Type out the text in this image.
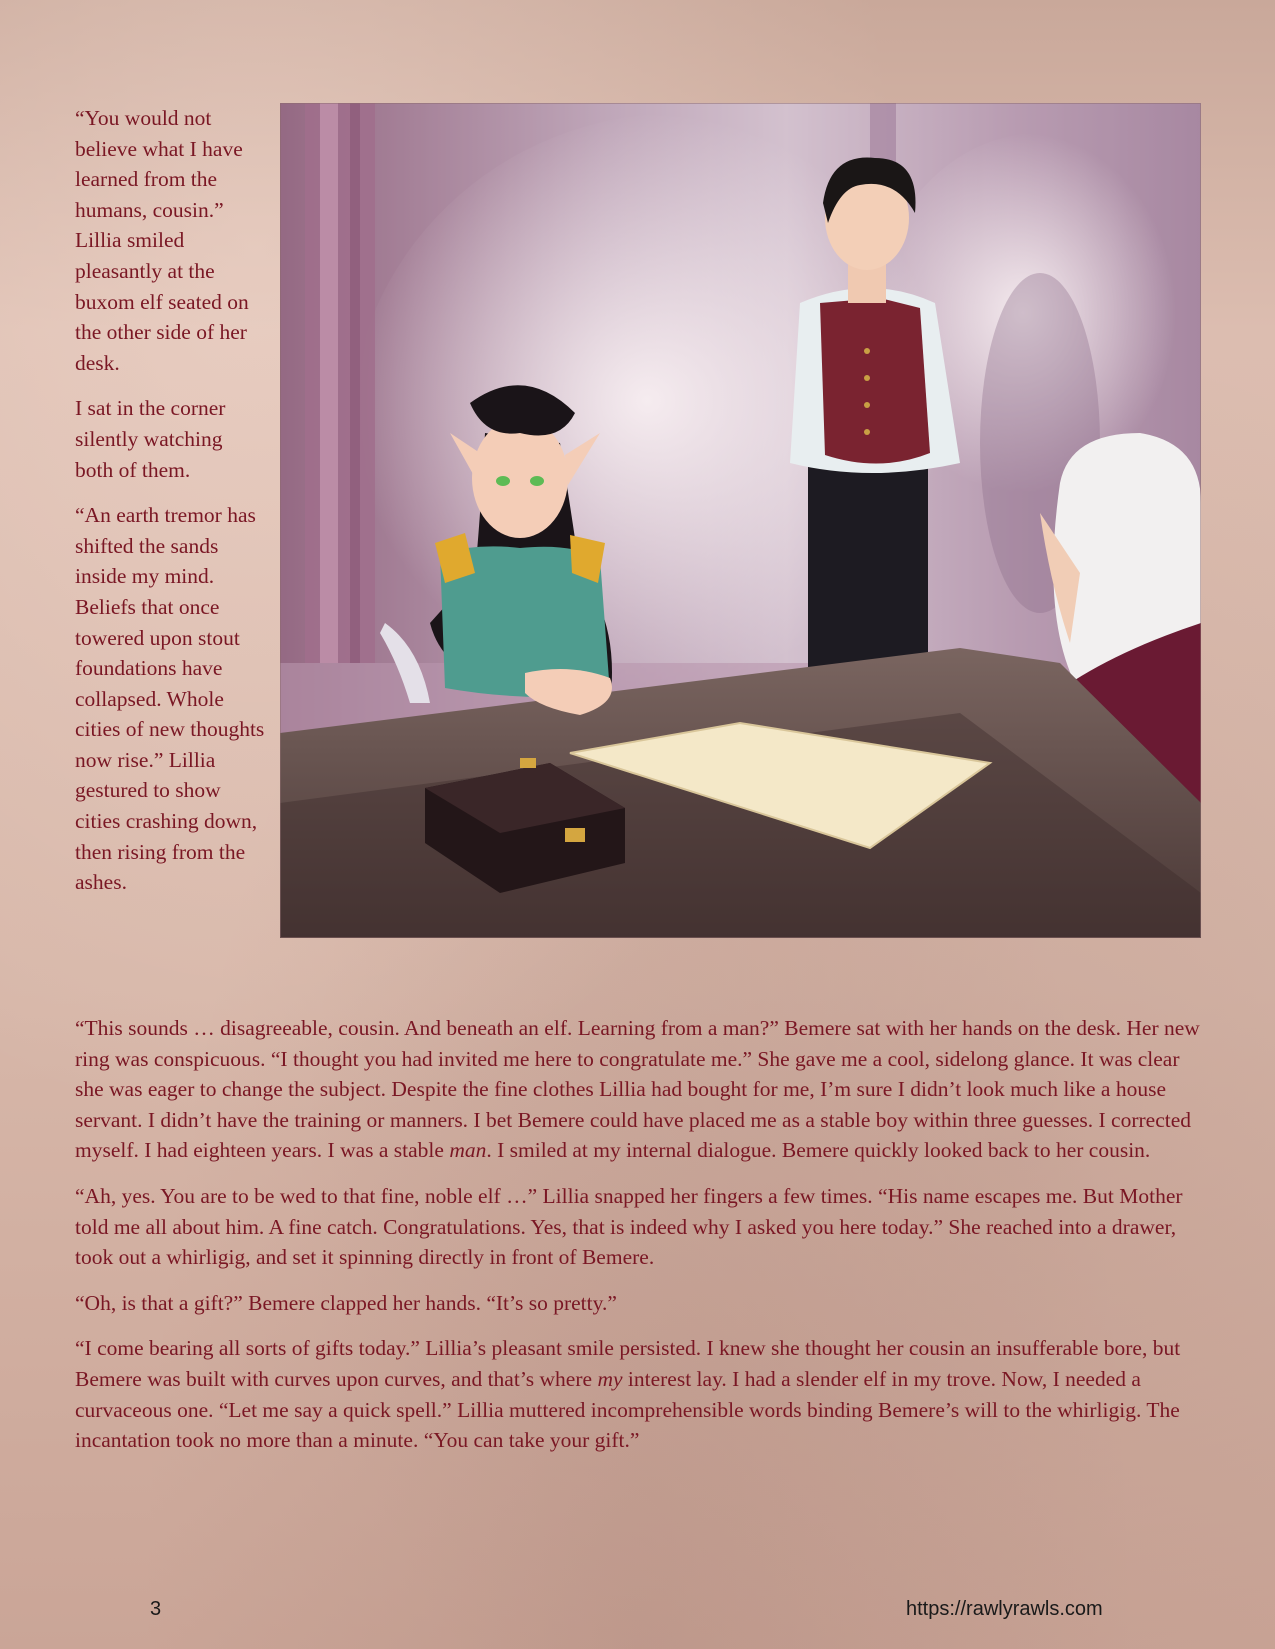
“You would not believe what I have learned from the humans, cousin.” Lillia smiled pleasantly at the buxom elf seated on the other side of her desk.

I sat in the corner silently watching both of them.

“An earth tremor has shifted the sands inside my mind. Beliefs that once towered upon stout foundations have collapsed. Whole cities of new thoughts now rise.” Lillia gestured to show cities crashing down, then rising from the ashes.

“This sounds … disagreeable, cousin. And beneath an elf. Learning from a man?” Bemere sat with her hands on the desk. Her new ring was conspicuous. “I thought you had invited me here to congratulate me.” She gave me a cool, sidelong glance. It was clear she was eager to change the subject. Despite the fine clothes Lillia had bought for me, I’m sure I didn’t look much like a house servant. I didn’t have the training or manners. I bet Bemere could have placed me as a stable boy within three guesses. I corrected myself. I had eighteen years. I was a stable man. I smiled at my internal dialogue. Bemere quickly looked back to her cousin.

“Ah, yes. You are to be wed to that fine, noble elf …” Lillia snapped her fingers a few times. “His name escapes me. But Mother told me all about him. A fine catch. Congratulations. Yes, that is indeed why I asked you here today.” She reached into a drawer, took out a whirligig, and set it spinning directly in front of Bemere.

“Oh, is that a gift?” Bemere clapped her hands. “It’s so pretty.”

“I come bearing all sorts of gifts today.” Lillia’s pleasant smile persisted. I knew she thought her cousin an insufferable bore, but Bemere was built with curves upon curves, and that’s where my interest lay. I had a slender elf in my trove. Now, I needed a curvaceous one. “Let me say a quick spell.” Lillia muttered incomprehensible words binding Bemere’s will to the whirligig. The incantation took no more than a minute. “You can take your gift.”

3	https://rawlyrawls.com
